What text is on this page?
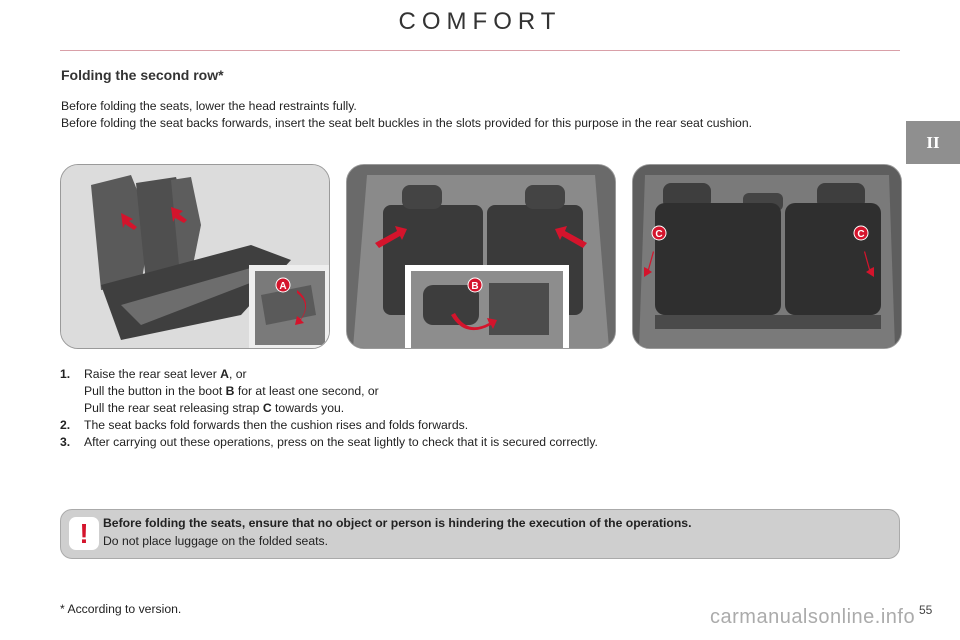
COMFORT
II
Folding the second row*
Before folding the seats, lower the head restraints fully.
Before folding the seat backs forwards, insert the seat belt buckles in the slots provided for this purpose in the rear seat cushion.
A	B
C	C
1.	Raise the rear seat lever A, or
Pull the button in the boot B for at least one second, or
Pull the rear seat releasing strap C towards you.
2.	The seat backs fold forwards then the cushion rises and folds forwards.
3.	After carrying out these operations, press on the seat lightly to check that it is secured correctly.
!	Before folding the seats, ensure that no object or person is hindering the execution of the operations.
Do not place luggage on the folded seats.
* According to version.	carmanualsonline.info 55
